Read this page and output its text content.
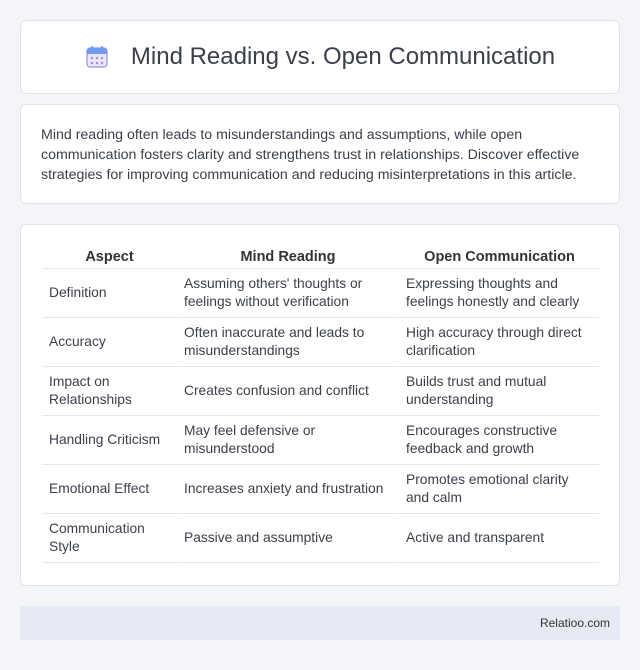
Mind Reading vs. Open Communication

Mind reading often leads to misunderstandings and assumptions, while open communication fosters clarity and strengthens trust in relationships. Discover effective strategies for improving communication and reducing misinterpretations in this article.

Aspect	Mind Reading	Open Communication
Definition	Assuming others' thoughts or feelings without verification	Expressing thoughts and feelings honestly and clearly
Accuracy	Often inaccurate and leads to misunderstandings	High accuracy through direct clarification
Impact on Relationships	Creates confusion and conflict	Builds trust and mutual understanding
Handling Criticism	May feel defensive or misunderstood	Encourages constructive feedback and growth
Emotional Effect	Increases anxiety and frustration	Promotes emotional clarity and calm
Communication Style	Passive and assumptive	Active and transparent
Relatioo.com
